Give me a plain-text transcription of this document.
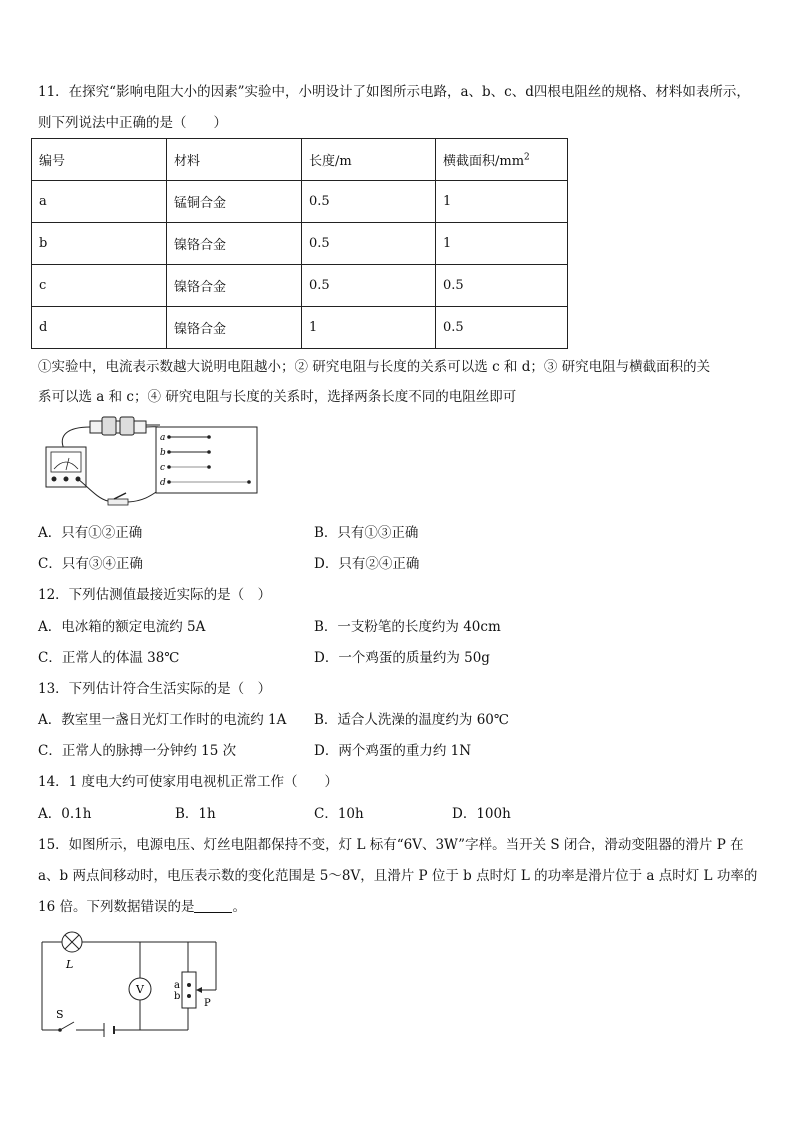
11．在探究“影响电阻大小的因素”实验中，小明设计了如图所示电路，a、b、c、d四根电阻丝的规格、材料如表所示，
则下列说法中正确的是（　　）
编号	材料	长度/m	横截面积$/mm^2$
a	锰铜合金	0.5	1
b	镍铬合金	0.5	1
c	镍铬合金	0.5	0.5
d	镍铬合金	1	0.5
①实验中，电流表示数越大说明电阻越小；② 研究电阻与长度的关系可以选 c 和 d；③ 研究电阻与横截面积的关
系可以选 a 和 c；④ 研究电阻与长度的关系时，选择两条长度不同的电阻丝即可
a
b
c
d
A．只有①②正确	B．只有①③正确
C．只有③④正确	D．只有②④正确
12．下列估测值最接近实际的是（　）
A．电冰箱的额定电流约 5A	B．一支粉笔的长度约为 40cm
C．正常人的体温 38℃	D．一个鸡蛋的质量约为 50g
13．下列估计符合生活实际的是（　）
A．教室里一盏日光灯工作时的电流约 1A B．适合人洗澡的温度约为 60℃
C．正常人的脉搏一分钟约 15 次	D．两个鸡蛋的重力约 1N
14．1 度电大约可使家用电视机正常工作（　　）
A．0.1h	B．1h	C．10h	D．100h
15．如图所示，电源电压、灯丝电阻都保持不变，灯 L 标有“6V、3W”字样。当开关 S 闭合，滑动变阻器的滑片 P 在
a、b 两点间移动时，电压表示数的变化范围是 5～8V，且滑片 P 位于 b 点时灯 L 的功率是滑片位于 a 点时灯 L 功率的
16 倍。下列数据错误的是	。
L
V	a
b
P
S
